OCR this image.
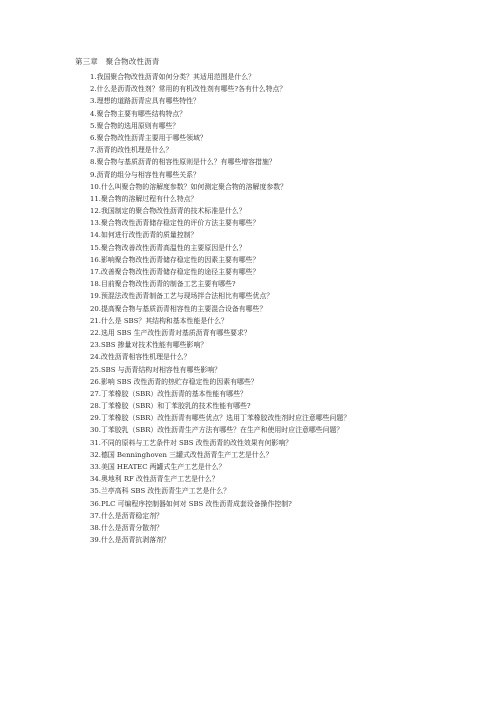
第三章　聚合物改性沥青
1.我国聚合物改性沥青如何分类？其适用范围是什么？
2.什么是沥青改性剂？常用的有机改性剂有哪些?各有什么特点？
3.理想的道路沥青应具有哪些特性？
4.聚合物主要有哪些结构特点？
5.聚合物的选用原则有哪些？
6.聚合物改性沥青主要用于哪些领域？
7.沥青的改性机理是什么？
8.聚合物与基质沥青的相容性原则是什么？有哪些增容措施？
9.沥青的组分与相容性有哪些关系？
10.什么叫聚合物的溶解度参数？如何测定聚合物的溶解度参数？
11.聚合物的溶解过程有什么特点？
12.我国制定的聚合物改性沥青的技术标准是什么？
13.聚合物改性沥青储存稳定性的评价方法主要有哪些？
14.如何进行改性沥青的质量控制？
15.聚合物改善改性沥青高温性的主要原因是什么？
16.影响聚合物改性沥青储存稳定性的因素主要有哪些？
17.改善聚合物改性沥青储存稳定性的途径主要有哪些？
18.目前聚合物改性沥青的制备工艺主要有哪些?
19.预混法改性沥青制备工艺与现场拌合法相比有哪些优点？
20.提高聚合物与基质沥青相容性的主要混合设备有哪些？
21.什么是 SBS？其结构和基本性能是什么？
22.选用 SBS 生产改性沥青对基质沥青有哪些要求？
23.SBS 掺量对技术性能有哪些影响？
24.改性沥青相容性机理是什么？
25.SBS 与沥青结构对相容性有哪些影响？
26.影响 SBS 改性沥青的热贮存稳定性的因素有哪些？
27.丁苯橡胶（SBR）改性沥青的基本性能有哪些？
28.丁苯橡胶（SBR）和丁苯胶乳的技术性能有哪些?
29.丁苯橡胶（SBR）改性沥青有哪些优点？选用丁苯橡胶改性剂时应注意哪些问题？
30.丁苯胶乳（SBR）改性沥青生产方法有哪些？在生产和使用时应注意哪些问题？
31.不同的原料与工艺条件对 SBS 改性沥青的改性效果有何影响？
32.德国 Benninghoven 三罐式改性沥青生产工艺是什么？
33.美国 HEATEC 两罐式生产工艺是什么？
34.奥地利 RF 改性沥青生产工艺是什么？
35.兰亭高科 SBS 改性沥青生产工艺是什么？
36.PLC 可编程序控制器如何对 SBS 改性沥青成套设备操作控制?
37.什么是沥青稳定剂？
38.什么是沥青分散剂？
39.什么是沥青抗剥落剂？
